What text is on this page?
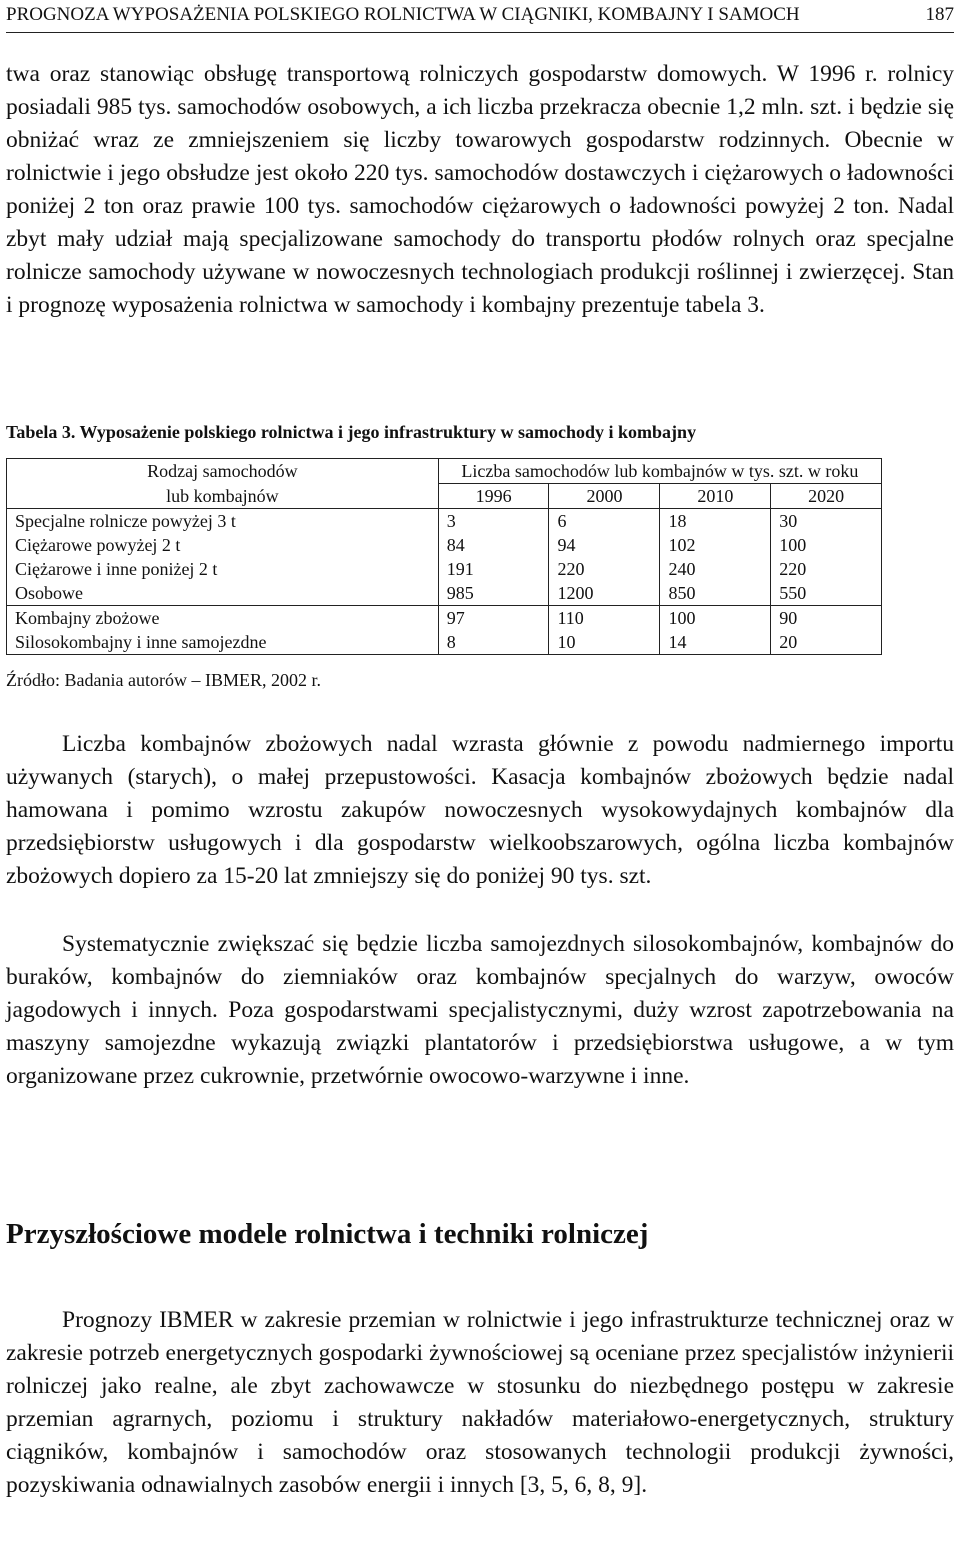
PROGNOZA WYPOSAŻENIA POLSKIEGO ROLNICTWA W CIĄGNIKI, KOMBAJNY I SAMOCH	187

twa oraz stanowiąc obsługę transportową rolniczych gospodarstw domowych. W 1996 r. rolnicy posiadali 985 tys. samochodów osobowych, a ich liczba przekracza obecnie 1,2 mln. szt. i będzie się obniżać wraz ze zmniejszeniem się liczby towarowych gospodarstw rodzinnych. Obecnie w rolnictwie i jego obsłudze jest około 220 tys. samochodów dostawczych i ciężarowych o ładowności poniżej 2 ton oraz prawie 100 tys. samochodów ciężarowych o ładowności powyżej 2 ton. Nadal zbyt mały udział mają specjalizowane samochody do transportu płodów rolnych oraz specjalne rolnicze samochody używane w nowoczesnych technologiach produkcji roślinnej i zwierzęcej. Stan i prognozę wyposażenia rolnictwa w samochody i kombajny prezentuje tabela 3.

Tabela 3. Wyposażenie polskiego rolnictwa i jego infrastruktury w samochody i kombajny
Rodzaj samochodów	Liczba samochodów lub kombajnów w tys. szt. w roku			
lub kombajnów	1996	2000	2010	2020
Specjalne rolnicze powyżej 3 t	3	6	18	30
Ciężarowe powyżej 2 t	84	94	102	100
Ciężarowe i inne poniżej 2 t	191	220	240	220
Osobowe	985	1200	850	550
Kombajny zbożowe	97	110	100	90
Silosokombajny i inne samojezdne	8	10	14	20
Źródło: Badania autorów – IBMER, 2002 r.

Liczba kombajnów zbożowych nadal wzrasta głównie z powodu nadmiernego importu używanych (starych), o małej przepustowości. Kasacja kombajnów zbożowych będzie nadal hamowana i pomimo wzrostu zakupów nowoczesnych wysokowydajnych kombajnów dla przedsiębiorstw usługowych i dla gospodarstw wielkoobszarowych, ogólna liczba kombajnów zbożowych dopiero za 15-20 lat zmniejszy się do poniżej 90 tys. szt.

Systematycznie zwiększać się będzie liczba samojezdnych silosokombajnów, kombajnów do buraków, kombajnów do ziemniaków oraz kombajnów specjalnych do warzyw, owoców jagodowych i innych. Poza gospodarstwami specjalistycznymi, duży wzrost zapotrzebowania na maszyny samojezdne wykazują związki plantatorów i przedsiębiorstwa usługowe, a w tym organizowane przez cukrownie, przetwórnie owocowo-warzywne i inne.

Przyszłościowe modele rolnictwa i techniki rolniczej

Prognozy IBMER w zakresie przemian w rolnictwie i jego infrastrukturze technicznej oraz w zakresie potrzeb energetycznych gospodarki żywnościowej są oceniane przez specjalistów inżynierii rolniczej jako realne, ale zbyt zachowawcze w stosunku do niezbędnego postępu w zakresie przemian agrarnych, poziomu i struktury nakładów materiałowo-energetycznych, struktury ciągników, kombajnów i samochodów oraz stosowanych technologii produkcji żywności, pozyskiwania odnawialnych zasobów energii i innych [3, 5, 6, 8, 9].
